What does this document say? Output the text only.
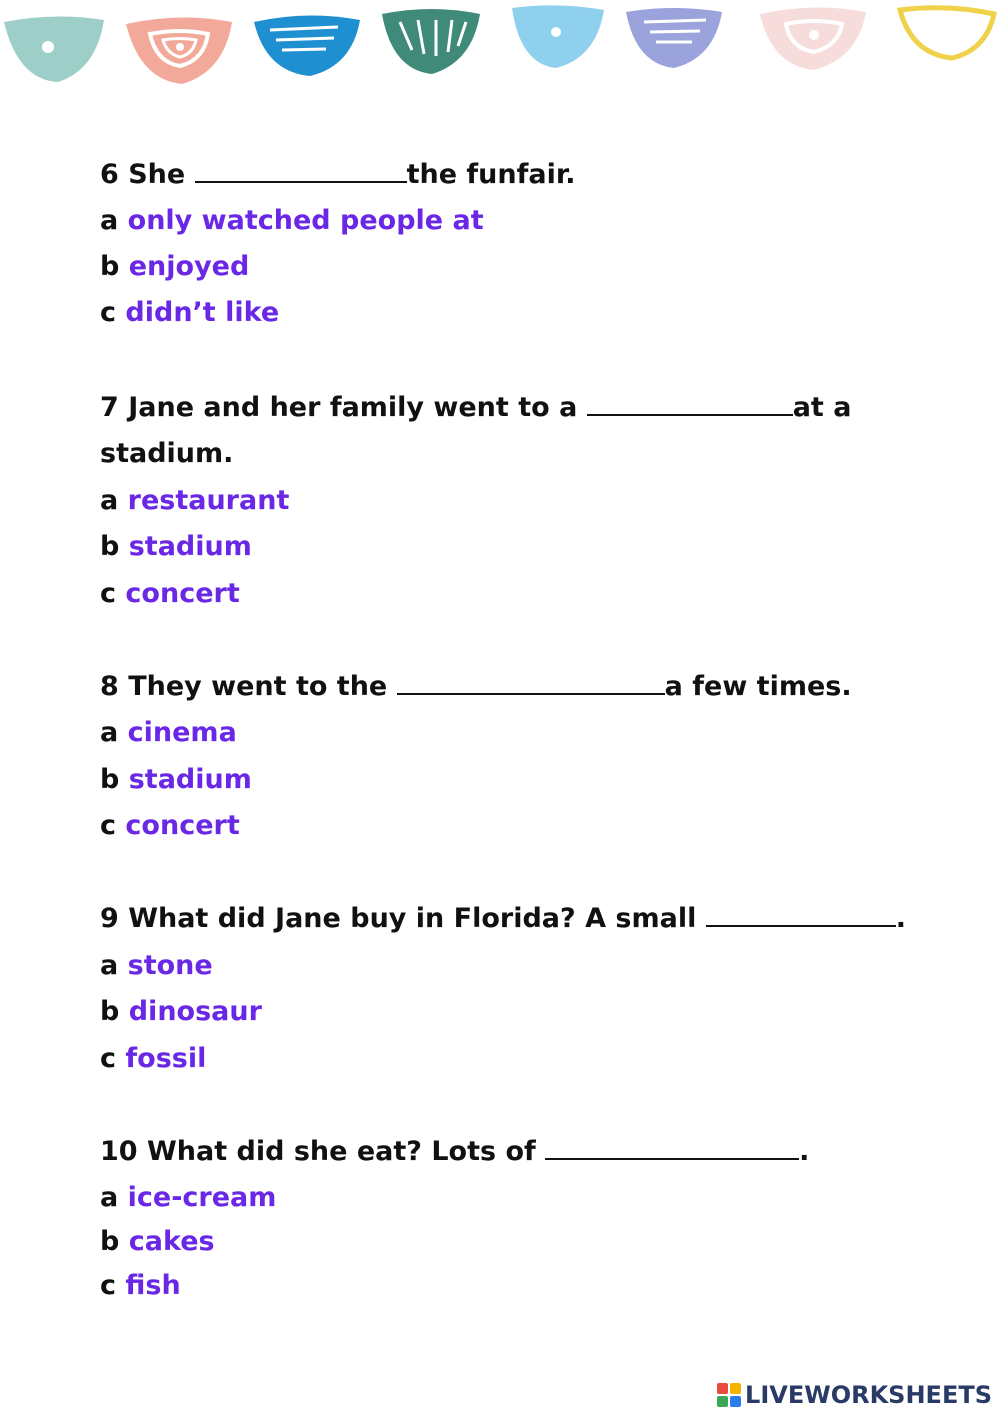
6 She	the funfair.
a only watched people at
b enjoyed
c didn’t like
7 Jane and her family went to a	at a
stadium.
a restaurant
b stadium
c concert
8 They went to the	a few times.
a cinema
b stadium
c concert
9 What did Jane buy in Florida? A small	.
a stone
b dinosaur
c fossil
10 What did she eat? Lots of	.
a ice-cream
b cakes
c fish
LIVEWORKSHEETS
